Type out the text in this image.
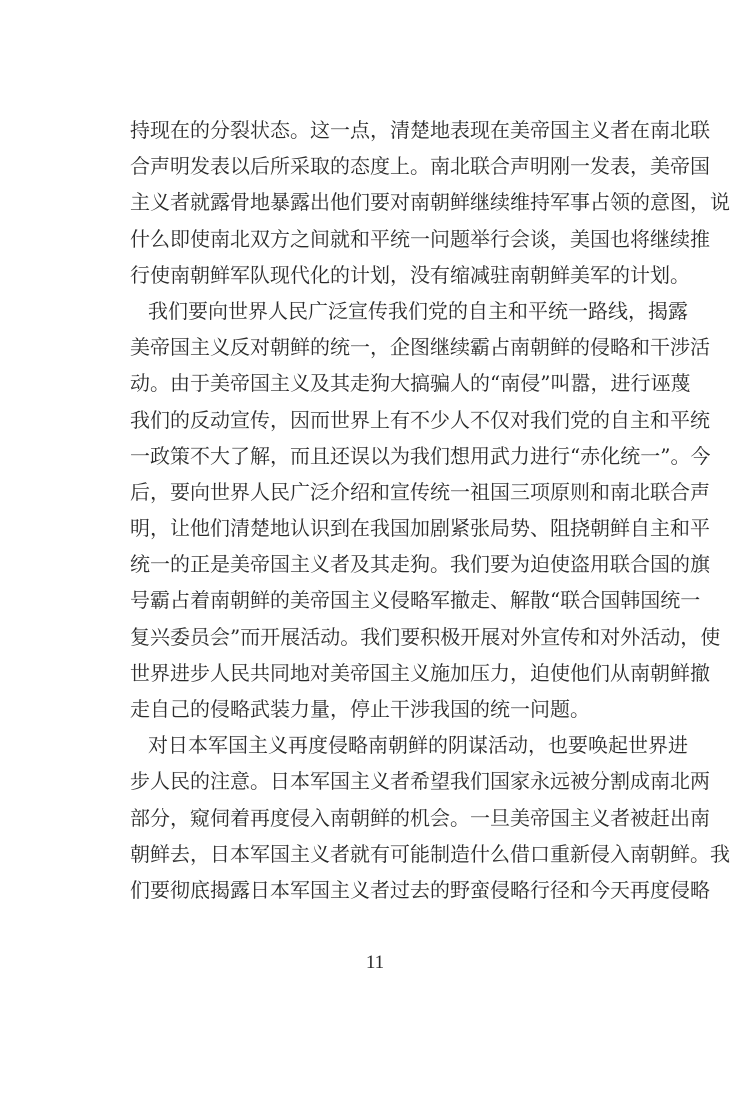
持现在的分裂状态。这一点，清楚地表现在美帝国主义者在南北联
合声明发表以后所采取的态度上。南北联合声明刚一发表，美帝国
主义者就露骨地暴露出他们要对南朝鲜继续维持军事占领的意图，说
什么即使南北双方之间就和平统一问题举行会谈，美国也将继续推
行使南朝鲜军队现代化的计划，没有缩减驻南朝鲜美军的计划。
我们要向世界人民广泛宣传我们党的自主和平统一路线，揭露
美帝国主义反对朝鲜的统一，企图继续霸占南朝鲜的侵略和干涉活
动。由于美帝国主义及其走狗大搞骗人的“南侵”叫嚣，进行诬蔑
我们的反动宣传，因而世界上有不少人不仅对我们党的自主和平统
一政策不大了解，而且还误以为我们想用武力进行“赤化统一”。今
后，要向世界人民广泛介绍和宣传统一祖国三项原则和南北联合声
明，让他们清楚地认识到在我国加剧紧张局势、阻挠朝鲜自主和平
统一的正是美帝国主义者及其走狗。我们要为迫使盗用联合国的旗
号霸占着南朝鲜的美帝国主义侵略军撤走、解散“联合国韩国统一
复兴委员会”而开展活动。我们要积极开展对外宣传和对外活动，使
世界进步人民共同地对美帝国主义施加压力，迫使他们从南朝鲜撤
走自己的侵略武装力量，停止干涉我国的统一问题。
对日本军国主义再度侵略南朝鲜的阴谋活动，也要唤起世界进
步人民的注意。日本军国主义者希望我们国家永远被分割成南北两
部分，窥伺着再度侵入南朝鲜的机会。一旦美帝国主义者被赶出南
朝鲜去，日本军国主义者就有可能制造什么借口重新侵入南朝鲜。我
们要彻底揭露日本军国主义者过去的野蛮侵略行径和今天再度侵略
11
